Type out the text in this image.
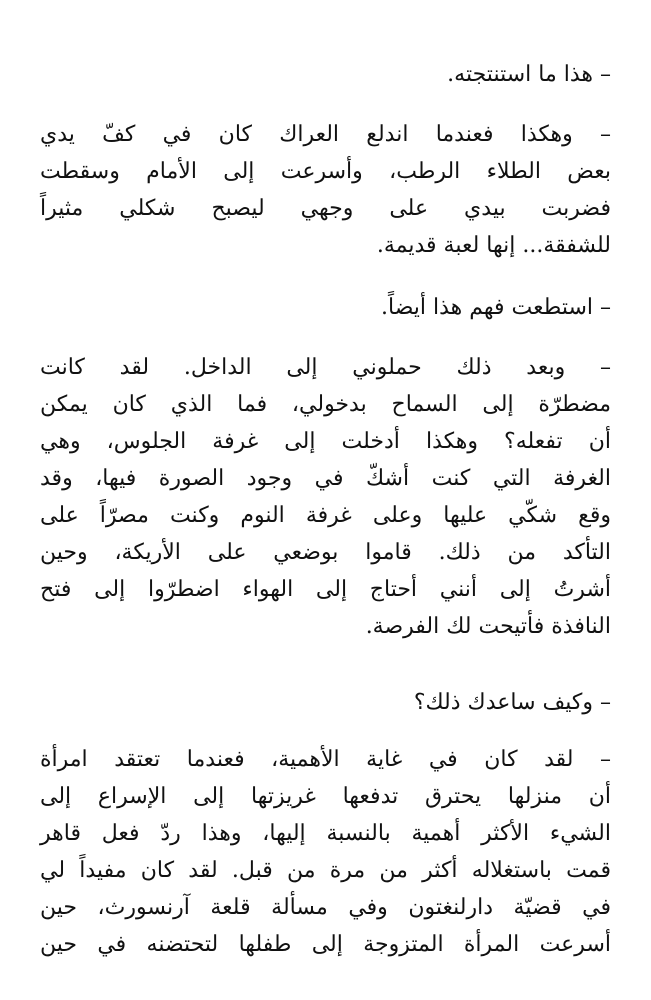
– هذا ما استنتجته.

– وهكذا فعندما اندلع العراك كان في كفّ يدي
بعض الطلاء الرطب، وأسرعت إلى الأمام وسقطت
فضربت بيدي على وجهي ليصبح شكلي مثيراً
للشفقة... إنها لعبة قديمة.

– استطعت فهم هذا أيضاً.

– وبعد ذلك حملوني إلى الداخل. لقد كانت
مضطرّة إلى السماح بدخولي، فما الذي كان يمكن
أن تفعله؟ وهكذا أدخلت إلى غرفة الجلوس، وهي
الغرفة التي كنت أشكّ في وجود الصورة فيها، وقد
وقع شكّي عليها وعلى غرفة النوم وكنت مصرّاً على
التأكد من ذلك. قاموا بوضعي على الأريكة، وحين
أشرتُ إلى أنني أحتاج إلى الهواء اضطرّوا إلى فتح
النافذة فأتيحت لك الفرصة.

– وكيف ساعدك ذلك؟

– لقد كان في غاية الأهمية، فعندما تعتقد امرأة
أن منزلها يحترق تدفعها غريزتها إلى الإسراع إلى
الشيء الأكثر أهمية بالنسبة إليها، وهذا ردّ فعل قاهر
قمت باستغلاله أكثر من مرة من قبل. لقد كان مفيداً لي
في قضيّة دارلنغتون وفي مسألة قلعة آرنسورث، حين
أسرعت المرأة المتزوجة إلى طفلها لتحتضنه في حين
